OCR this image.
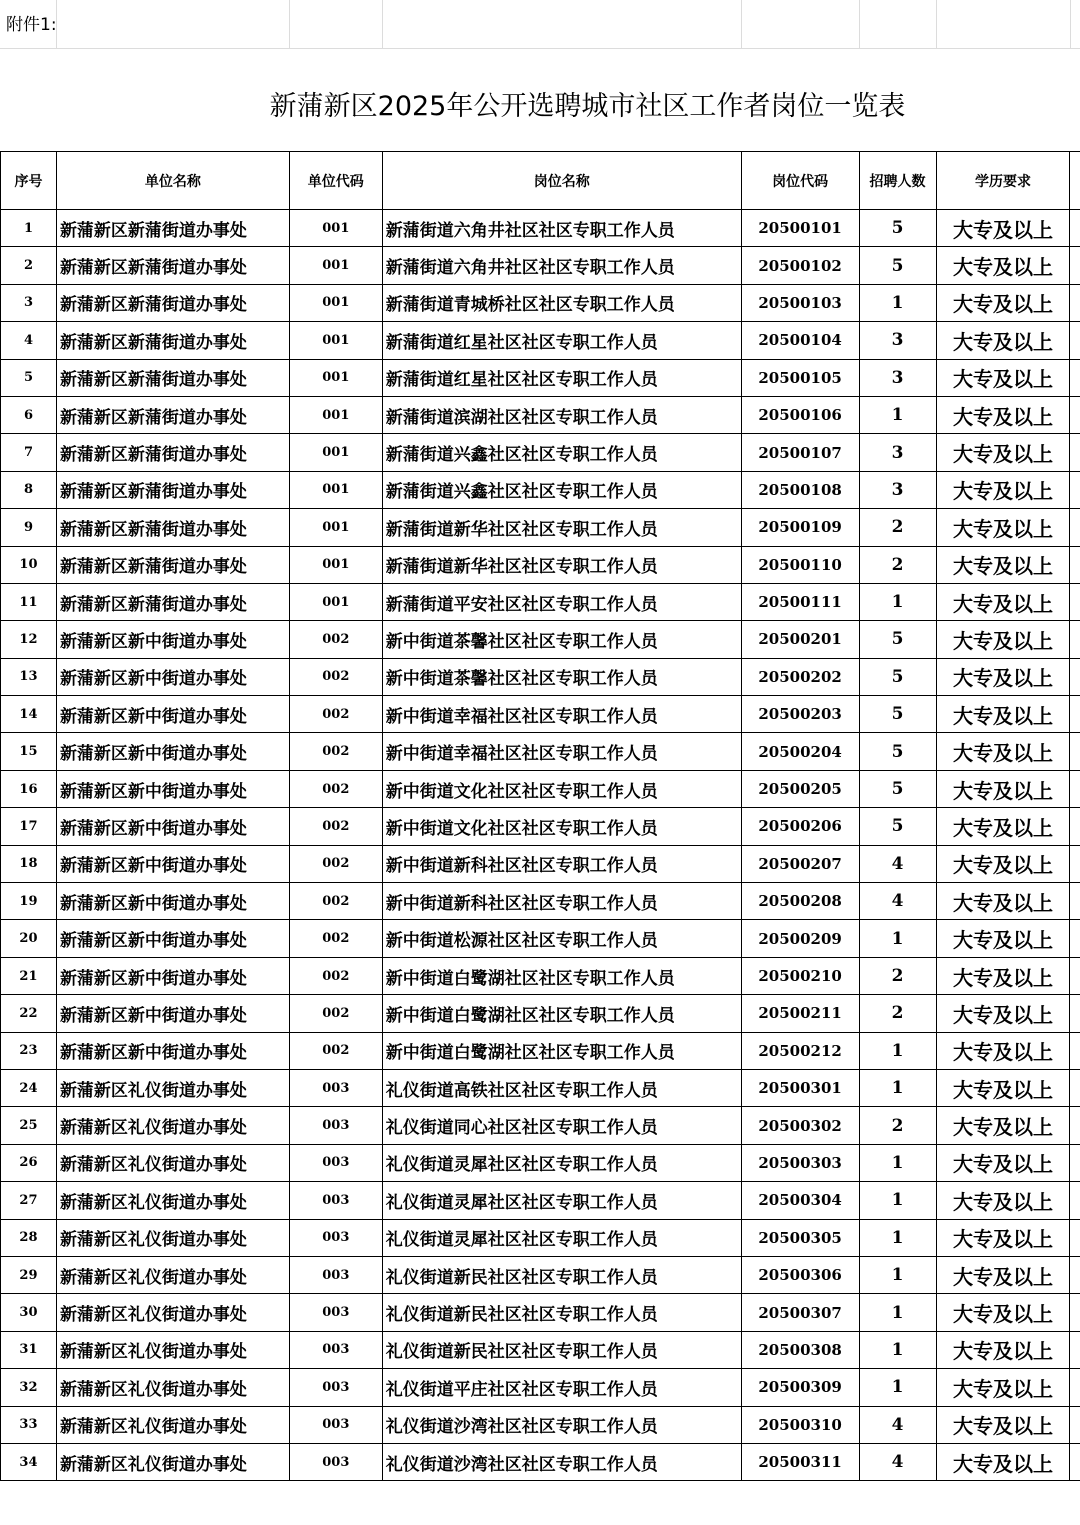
附件1:
新蒲新区2025年公开选聘城市社区工作者岗位一览表
序号	单位名称	单位代码	岗位名称	岗位代码	招聘人数	学历要求	
1	新蒲新区新蒲街道办事处	001	新蒲街道六角井社区社区专职工作人员	20500101	5	大专及以上	
2	新蒲新区新蒲街道办事处	001	新蒲街道六角井社区社区专职工作人员	20500102	5	大专及以上	
3	新蒲新区新蒲街道办事处	001	新蒲街道青城桥社区社区专职工作人员	20500103	1	大专及以上	
4	新蒲新区新蒲街道办事处	001	新蒲街道红星社区社区专职工作人员	20500104	3	大专及以上	
5	新蒲新区新蒲街道办事处	001	新蒲街道红星社区社区专职工作人员	20500105	3	大专及以上	
6	新蒲新区新蒲街道办事处	001	新蒲街道滨湖社区社区专职工作人员	20500106	1	大专及以上	
7	新蒲新区新蒲街道办事处	001	新蒲街道兴鑫社区社区专职工作人员	20500107	3	大专及以上	
8	新蒲新区新蒲街道办事处	001	新蒲街道兴鑫社区社区专职工作人员	20500108	3	大专及以上	
9	新蒲新区新蒲街道办事处	001	新蒲街道新华社区社区专职工作人员	20500109	2	大专及以上	
10	新蒲新区新蒲街道办事处	001	新蒲街道新华社区社区专职工作人员	20500110	2	大专及以上	
11	新蒲新区新蒲街道办事处	001	新蒲街道平安社区社区专职工作人员	20500111	1	大专及以上	
12	新蒲新区新中街道办事处	002	新中街道茶馨社区社区专职工作人员	20500201	5	大专及以上	
13	新蒲新区新中街道办事处	002	新中街道茶馨社区社区专职工作人员	20500202	5	大专及以上	
14	新蒲新区新中街道办事处	002	新中街道幸福社区社区专职工作人员	20500203	5	大专及以上	
15	新蒲新区新中街道办事处	002	新中街道幸福社区社区专职工作人员	20500204	5	大专及以上	
16	新蒲新区新中街道办事处	002	新中街道文化社区社区专职工作人员	20500205	5	大专及以上	
17	新蒲新区新中街道办事处	002	新中街道文化社区社区专职工作人员	20500206	5	大专及以上	
18	新蒲新区新中街道办事处	002	新中街道新科社区社区专职工作人员	20500207	4	大专及以上	
19	新蒲新区新中街道办事处	002	新中街道新科社区社区专职工作人员	20500208	4	大专及以上	
20	新蒲新区新中街道办事处	002	新中街道松源社区社区专职工作人员	20500209	1	大专及以上	
21	新蒲新区新中街道办事处	002	新中街道白鹭湖社区社区专职工作人员	20500210	2	大专及以上	
22	新蒲新区新中街道办事处	002	新中街道白鹭湖社区社区专职工作人员	20500211	2	大专及以上	
23	新蒲新区新中街道办事处	002	新中街道白鹭湖社区社区专职工作人员	20500212	1	大专及以上	
24	新蒲新区礼仪街道办事处	003	礼仪街道高铁社区社区专职工作人员	20500301	1	大专及以上	
25	新蒲新区礼仪街道办事处	003	礼仪街道同心社区社区专职工作人员	20500302	2	大专及以上	
26	新蒲新区礼仪街道办事处	003	礼仪街道灵犀社区社区专职工作人员	20500303	1	大专及以上	
27	新蒲新区礼仪街道办事处	003	礼仪街道灵犀社区社区专职工作人员	20500304	1	大专及以上	
28	新蒲新区礼仪街道办事处	003	礼仪街道灵犀社区社区专职工作人员	20500305	1	大专及以上	
29	新蒲新区礼仪街道办事处	003	礼仪街道新民社区社区专职工作人员	20500306	1	大专及以上	
30	新蒲新区礼仪街道办事处	003	礼仪街道新民社区社区专职工作人员	20500307	1	大专及以上	
31	新蒲新区礼仪街道办事处	003	礼仪街道新民社区社区专职工作人员	20500308	1	大专及以上	
32	新蒲新区礼仪街道办事处	003	礼仪街道平庄社区社区专职工作人员	20500309	1	大专及以上	
33	新蒲新区礼仪街道办事处	003	礼仪街道沙湾社区社区专职工作人员	20500310	4	大专及以上	
34	新蒲新区礼仪街道办事处	003	礼仪街道沙湾社区社区专职工作人员	20500311	4	大专及以上	
